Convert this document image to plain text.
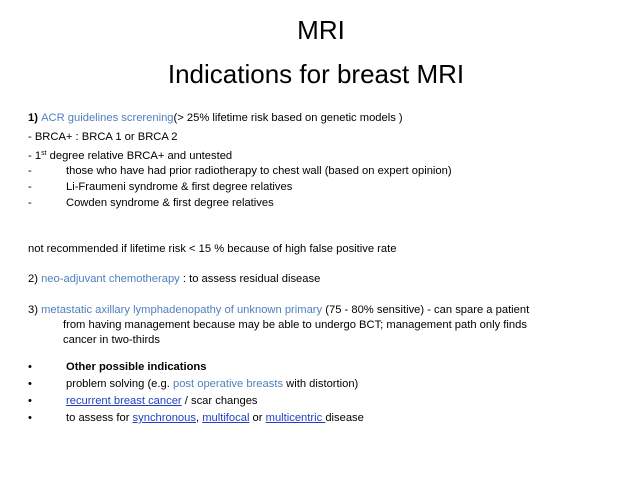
MRI
Indications for breast MRI
1) ACR guidelines screrening(> 25% lifetime risk based on genetic models )
- BRCA+ : BRCA 1 or BRCA 2
- 1st degree relative BRCA+ and untested
-	those who have had prior radiotherapy to chest wall (based on expert opinion)
-	Li-Fraumeni syndrome & first degree relatives
-	Cowden syndrome & first degree relatives
not recommended if lifetime risk < 15 % because of high false positive rate
2) neo-adjuvant chemotherapy : to assess residual disease
3) metastatic axillary lymphadenopathy of unknown primary (75 - 80% sensitive) - can spare a patient
from having management because may be able to undergo BCT; management path only finds
cancer in two-thirds
•	Other possible indications
•	problem solving (e.g. post operative breasts with distortion)
•	recurrent breast cancer / scar changes
•	to assess for synchronous, multifocal or multicentric disease
